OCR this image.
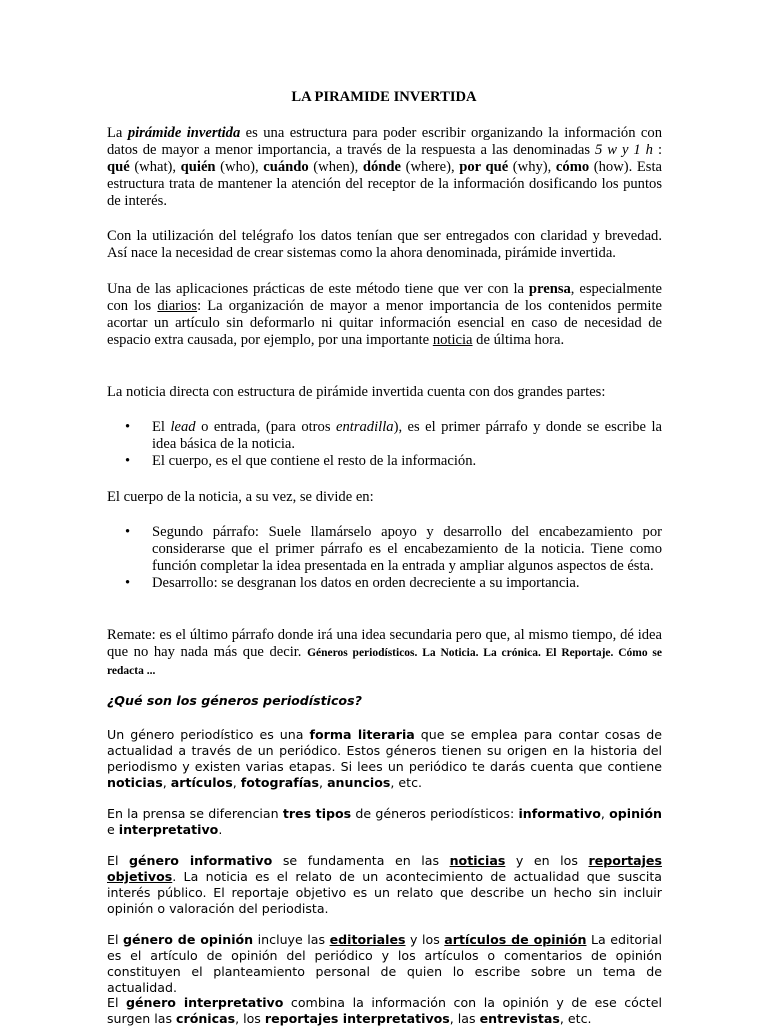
LA PIRAMIDE INVERTIDA

La pirámide invertida es una estructura para poder escribir organizando la información con datos de mayor a menor importancia, a través de la respuesta a las denominadas 5 w y 1 h : qué (what), quién (who), cuándo (when), dónde (where), por qué (why), cómo (how). Esta estructura trata de mantener la atención del receptor de la información dosificando los puntos de interés.

Con la utilización del telégrafo los datos tenían que ser entregados con claridad y brevedad. Así nace la necesidad de crear sistemas como la ahora denominada, pirámide invertida.

Una de las aplicaciones prácticas de este método tiene que ver con la prensa, especialmente con los diarios: La organización de mayor a menor importancia de los contenidos permite acortar un artículo sin deformarlo ni quitar información esencial en caso de necesidad de espacio extra causada, por ejemplo, por una importante noticia de última hora.

La noticia directa con estructura de pirámide invertida cuenta con dos grandes partes:

• El lead o entrada, (para otros entradilla), es el primer párrafo y donde se escribe la idea básica de la noticia.
• El cuerpo, es el que contiene el resto de la información.

El cuerpo de la noticia, a su vez, se divide en:

• Segundo párrafo: Suele llamárselo apoyo y desarrollo del encabezamiento por considerarse que el primer párrafo es el encabezamiento de la noticia. Tiene como función completar la idea presentada en la entrada y ampliar algunos aspectos de ésta.
• Desarrollo: se desgranan los datos en orden decreciente a su importancia.

Remate: es el último párrafo donde irá una idea secundaria pero que, al mismo tiempo, dé idea que no hay nada más que decir. Géneros periodísticos. La Noticia. La crónica. El Reportaje. Cómo se redacta ...

¿Qué son los géneros periodísticos?

Un género periodístico es una forma literaria que se emplea para contar cosas de actualidad a través de un periódico. Estos géneros tienen su origen en la historia del periodismo y existen varias etapas. Si lees un periódico te darás cuenta que contiene noticias, artículos, fotografías, anuncios, etc.

En la prensa se diferencian tres tipos de géneros periodísticos: informativo, opinión e interpretativo.

El género informativo se fundamenta en las noticias y en los reportajes objetivos. La noticia es el relato de un acontecimiento de actualidad que suscita interés público. El reportaje objetivo es un relato que describe un hecho sin incluir opinión o valoración del periodista.

El género de opinión incluye las editoriales y los artículos de opinión La editorial es el artículo de opinión del periódico y los artículos o comentarios de opinión constituyen el planteamiento personal de quien lo escribe sobre un tema de actualidad.

El género interpretativo combina la información con la opinión y de ese cóctel surgen las crónicas, los reportajes interpretativos, las entrevistas, etc.
